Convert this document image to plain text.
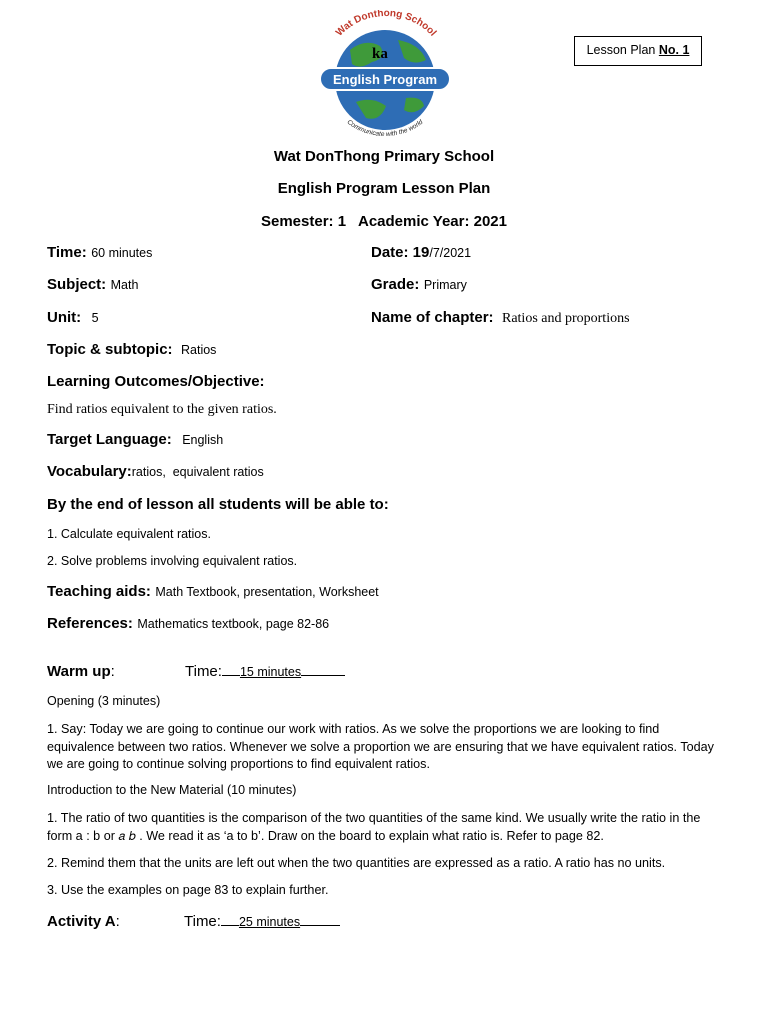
Wat Donthong School
Communicate with the world
ka
English Program
Lesson Plan No. 1
Wat DonThong Primary School
English Program Lesson Plan
Semester: 1   Academic Year: 2021
Time: 60 minutes	Date: 19/7/2021
Subject: Math	Grade: Primary
Unit: 5	Name of chapter: Ratios and proportions
Topic & subtopic: Ratios
Learning Outcomes/Objective:
Find ratios equivalent to the given ratios.
Target Language: English
Vocabulary:ratios,  equivalent ratios
By the end of lesson all students will be able to:
1. Calculate equivalent ratios.
2. Solve problems involving equivalent ratios.
Teaching aids: Math Textbook, presentation, Worksheet
References: Mathematics textbook, page 82-86
Warm up:	Time: 15 minutes
Opening (3 minutes)
1. Say: Today we are going to continue our work with ratios. As we solve the proportions we are looking to find equivalence between two ratios. Whenever we solve a proportion we are ensuring that we have equivalent ratios. Today we are going to continue solving proportions to find equivalent ratios.
Introduction to the New Material (10 minutes)
1. The ratio of two quantities is the comparison of the two quantities of the same kind. We usually write the ratio in the form a : b or 𝑎 𝑏 . We read it as ‘a to b’. Draw on the board to explain what ratio is. Refer to page 82.
2. Remind them that the units are left out when the two quantities are expressed as a ratio. A ratio has no units.
3. Use the examples on page 83 to explain further.
Activity A:	Time: 25 minutes
